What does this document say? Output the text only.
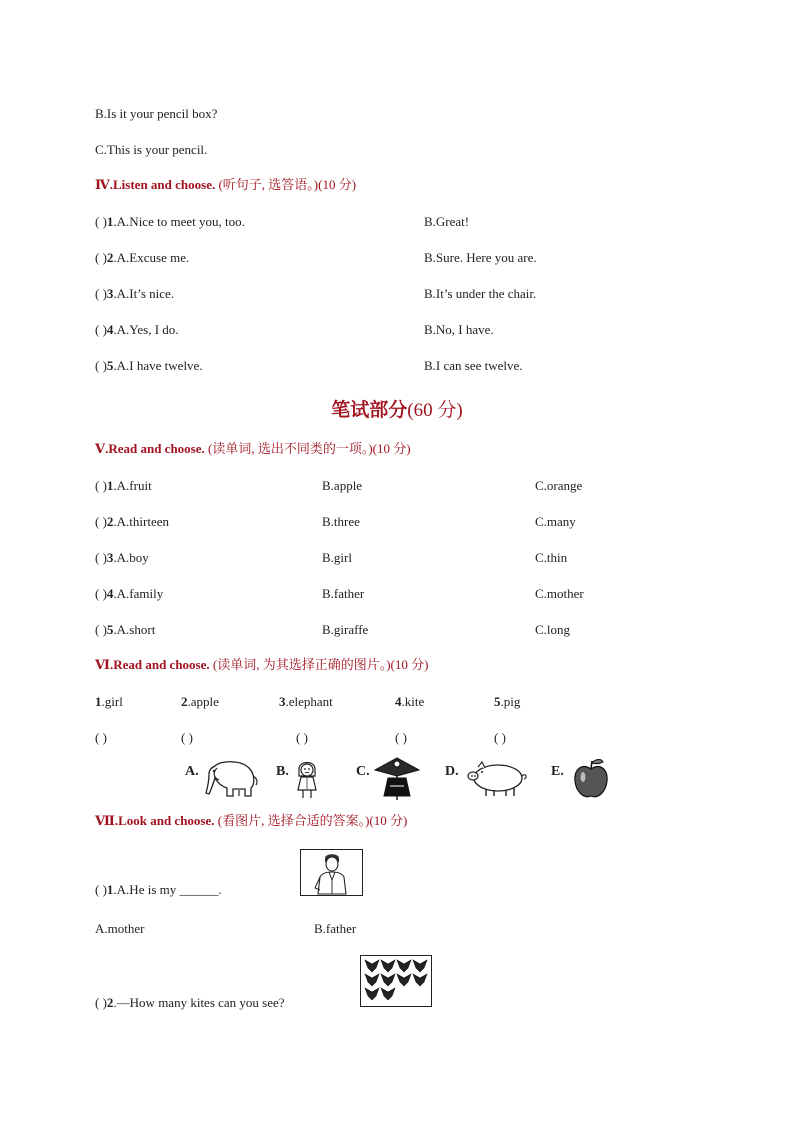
B.Is it your pencil box?
C.This is your pencil.
Ⅳ.Listen and choose. (听句子, 选答语。)(10 分)
( )1.A.Nice to meet you, too.	B.Great!
( )2.A.Excuse me.	B.Sure. Here you are.
( )3.A.It’s nice.	B.It’s under the chair.
( )4.A.Yes, I do.	B.No, I have.
( )5.A.I have twelve.	B.I can see twelve.
笔试部分(60 分)
Ⅴ.Read and choose. (读单词, 选出不同类的一项。)(10 分)
( )1.A.fruit	B.apple	C.orange
( )2.A.thirteen	B.three	C.many
( )3.A.boy	B.girl	C.thin
( )4.A.family	B.father	C.mother
( )5.A.short	B.giraffe	C.long
Ⅵ.Read and choose. (读单词, 为其选择正确的图片。)(10 分)
1.girl	2.apple	3.elephant	4.kite	5.pig
( )	( )	( )	( )	( )
A.	B.	C.	D.	E.
Ⅶ.Look and choose. (看图片, 选择合适的答案。)(10 分)
( )1.A.He is my ______.
A.mother	B.father
( )2.—How many kites can you see?
